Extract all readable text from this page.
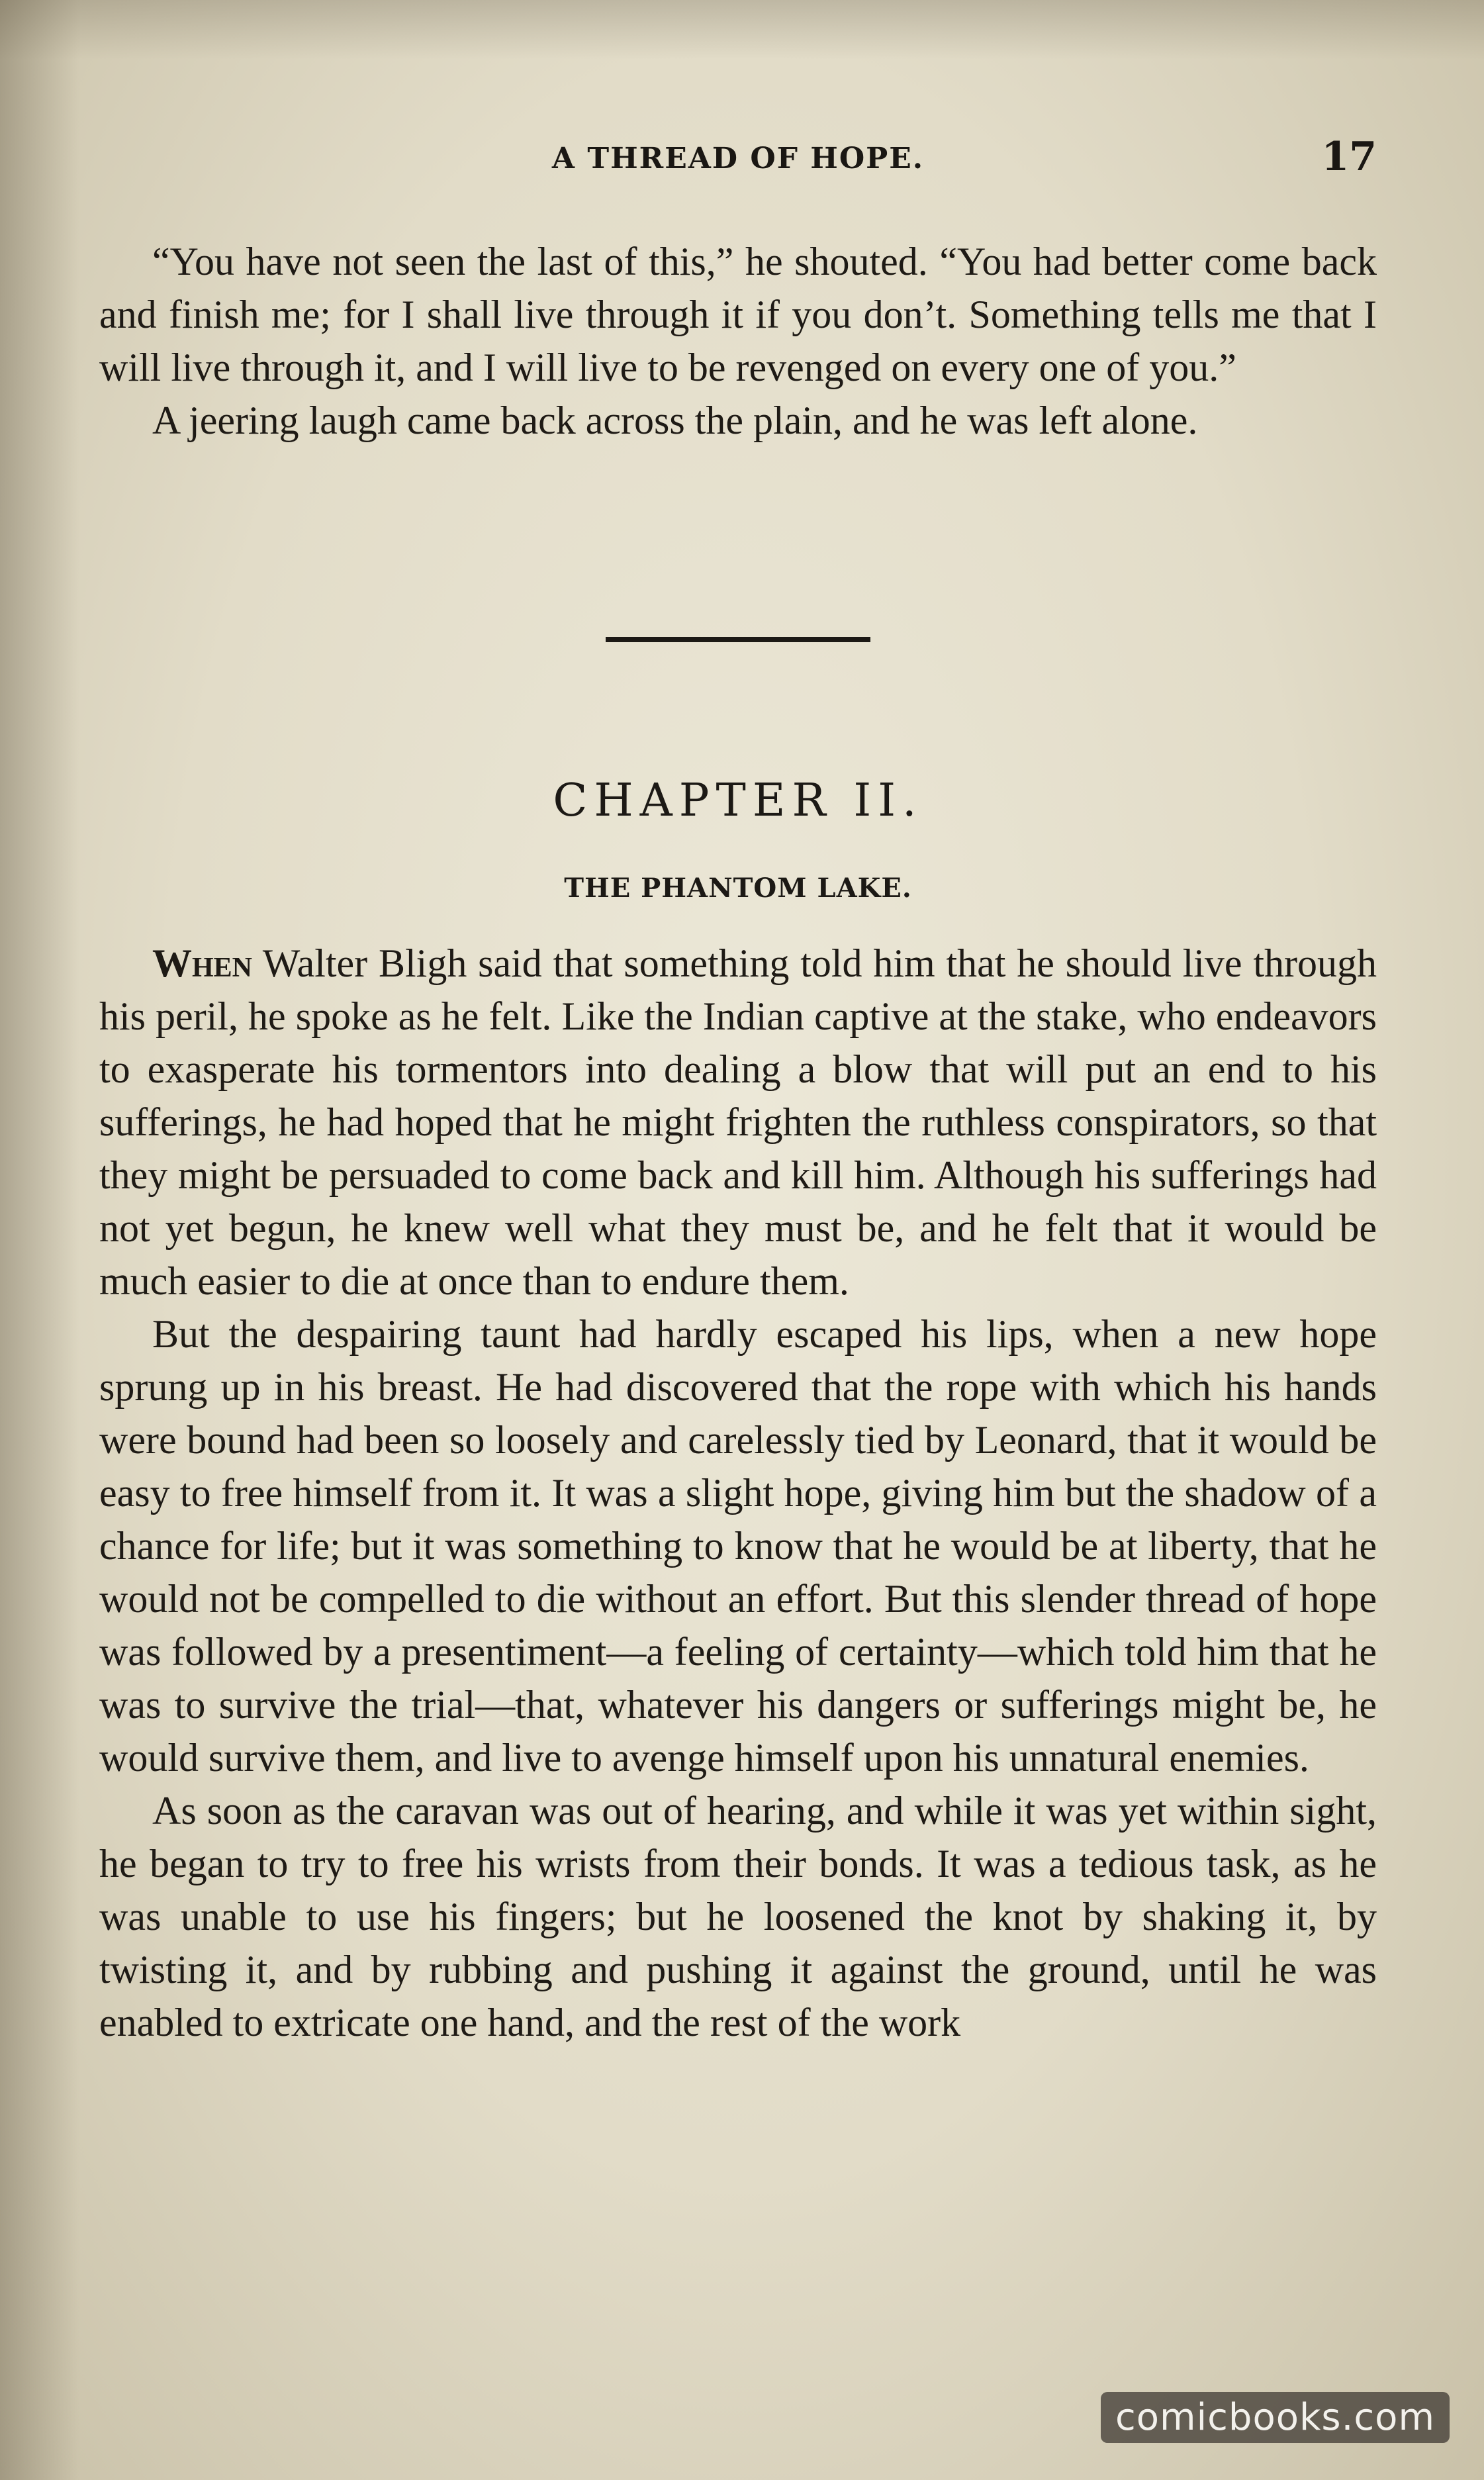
A THREAD OF HOPE.	17

“You have not seen the last of this,” he shouted. “You had better come back and finish me; for I shall live through it if you don’t. Something tells me that I will live through it, and I will live to be revenged on every one of you.”

A jeering laugh came back across the plain, and he was left alone.

CHAPTER II.
THE PHANTOM LAKE.

When Walter Bligh said that something told him that he should live through his peril, he spoke as he felt. Like the Indian captive at the stake, who endeavors to exasperate his tormentors into dealing a blow that will put an end to his sufferings, he had hoped that he might frighten the ruthless conspirators, so that they might be persuaded to come back and kill him. Although his sufferings had not yet begun, he knew well what they must be, and he felt that it would be much easier to die at once than to endure them.

But the despairing taunt had hardly escaped his lips, when a new hope sprung up in his breast. He had discovered that the rope with which his hands were bound had been so loosely and carelessly tied by Leonard, that it would be easy to free himself from it. It was a slight hope, giving him but the shadow of a chance for life; but it was something to know that he would be at liberty, that he would not be compelled to die without an effort. But this slender thread of hope was followed by a presentiment—a feeling of certainty—which told him that he was to survive the trial—that, whatever his dangers or sufferings might be, he would survive them, and live to avenge himself upon his unnatural enemies.

As soon as the caravan was out of hearing, and while it was yet within sight, he began to try to free his wrists from their bonds. It was a tedious task, as he was unable to use his fingers; but he loosened the knot by shaking it, by twisting it, and by rubbing and pushing it against the ground, until he was enabled to extricate one hand, and the rest of the work

comicbooks.com
